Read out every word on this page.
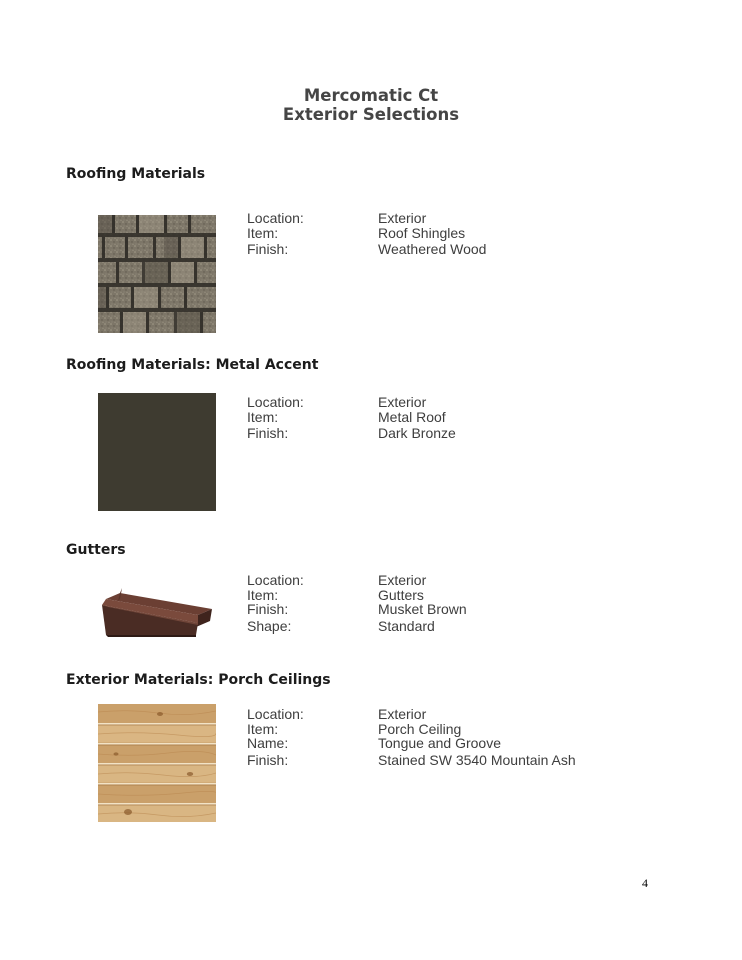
Mercomatic Ct
Exterior Selections
Roofing Materials
Location:	Exterior
Item:	Roof Shingles
Finish:	Weathered Wood
Roofing Materials: Metal Accent
Location:	Exterior
Item:	Metal Roof
Finish:	Dark Bronze
Gutters
Location:	Exterior
Item:	Gutters
Finish:	Musket Brown
Shape:	Standard
Exterior Materials: Porch Ceilings
Location:	Exterior
Item:	Porch Ceiling
Name:	Tongue and Groove
Finish:	Stained SW 3540 Mountain Ash
4
